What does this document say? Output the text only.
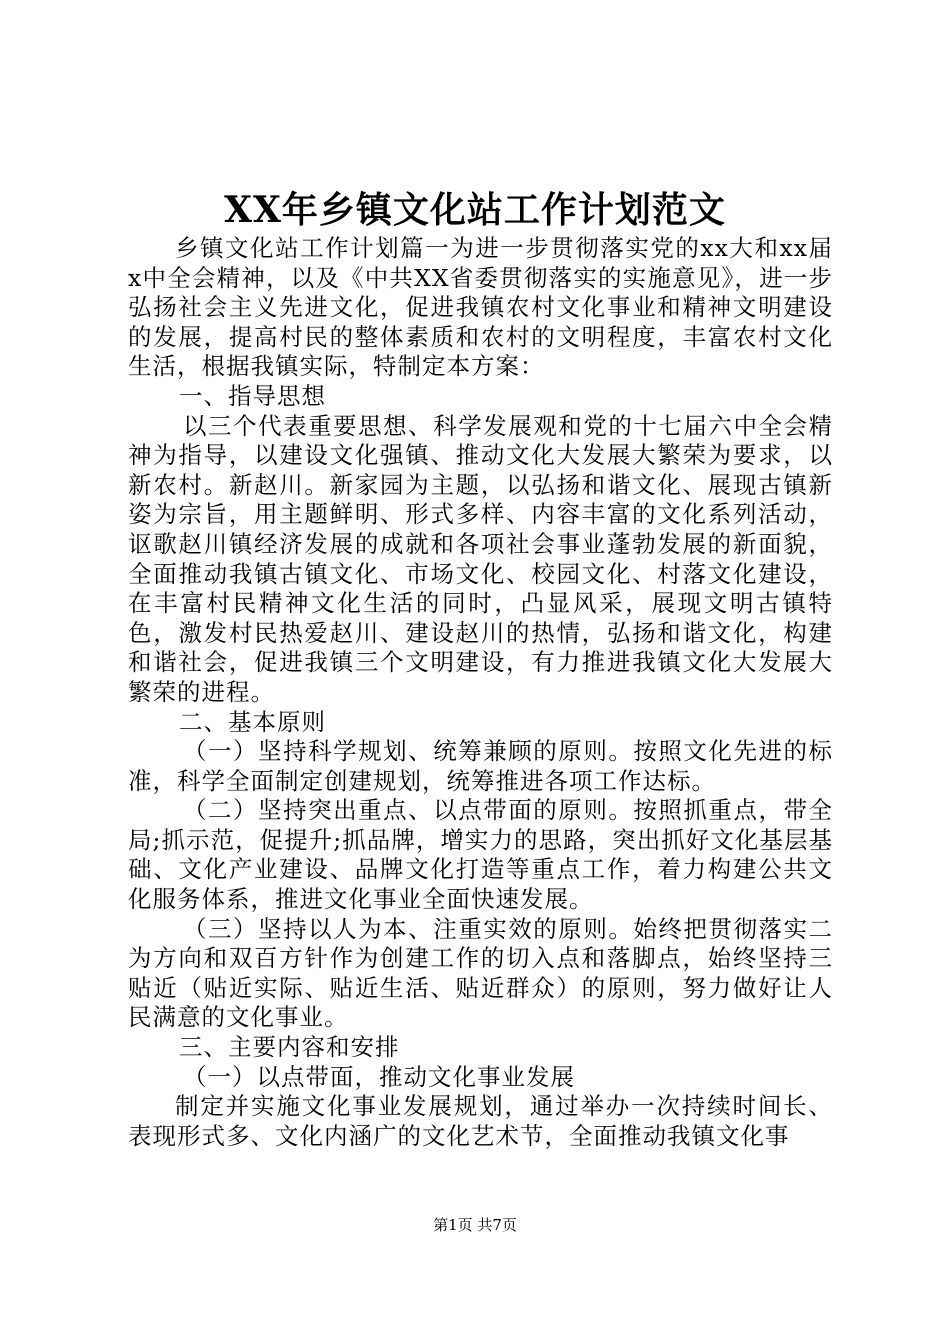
XX年乡镇文化站工作计划范文

乡镇文化站工作计划篇一为进一步贯彻落实党的xx大和xx届x中全会精神，以及《中共XX省委贯彻落实的实施意见》，进一步弘扬社会主义先进文化，促进我镇农村文化事业和精神文明建设的发展，提高村民的整体素质和农村的文明程度，丰富农村文化生活，根据我镇实际，特制定本方案：

一、指导思想

以三个代表重要思想、科学发展观和党的十七届六中全会精神为指导，以建设文化强镇、推动文化大发展大繁荣为要求，以新农村。新赵川。新家园为主题，以弘扬和谐文化、展现古镇新姿为宗旨，用主题鲜明、形式多样、内容丰富的文化系列活动，讴歌赵川镇经济发展的成就和各项社会事业蓬勃发展的新面貌，全面推动我镇古镇文化、市场文化、校园文化、村落文化建设，在丰富村民精神文化生活的同时，凸显风采，展现文明古镇特色，激发村民热爱赵川、建设赵川的热情，弘扬和谐文化，构建和谐社会，促进我镇三个文明建设，有力推进我镇文化大发展大繁荣的进程。

二、基本原则

（一）坚持科学规划、统筹兼顾的原则。按照文化先进的标准，科学全面制定创建规划，统筹推进各项工作达标。

（二）坚持突出重点、以点带面的原则。按照抓重点，带全局;抓示范，促提升;抓品牌，增实力的思路，突出抓好文化基层基础、文化产业建设、品牌文化打造等重点工作，着力构建公共文化服务体系，推进文化事业全面快速发展。

（三）坚持以人为本、注重实效的原则。始终把贯彻落实二为方向和双百方针作为创建工作的切入点和落脚点，始终坚持三贴近（贴近实际、贴近生活、贴近群众）的原则，努力做好让人民满意的文化事业。

三、主要内容和安排

（一）以点带面，推动文化事业发展

制定并实施文化事业发展规划，通过举办一次持续时间长、表现形式多、文化内涵广的文化艺术节，全面推动我镇文化事

第1页 共7页
